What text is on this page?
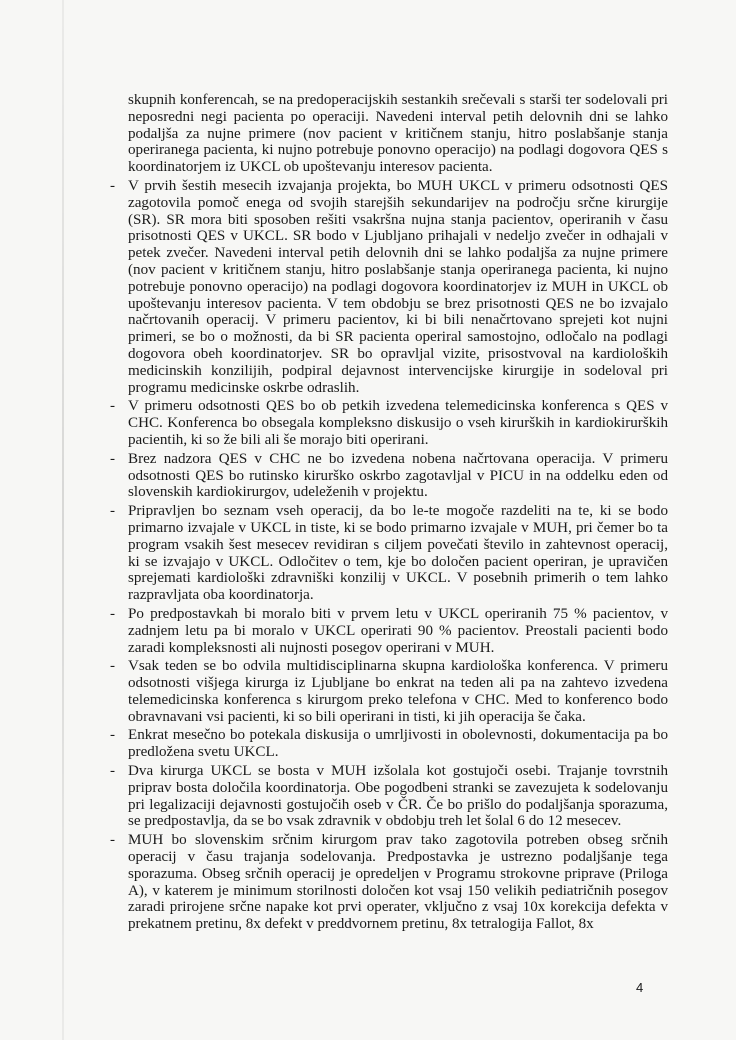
skupnih konferencah, se na predoperacijskih sestankih srečevali s starši ter sodelovali pri neposredni negi pacienta po operaciji. Navedeni interval petih delovnih dni se lahko podaljša za nujne primere (nov pacient v kritičnem stanju, hitro poslabšanje stanja operiranega pacienta, ki nujno potrebuje ponovno operacijo) na podlagi dogovora QES s koordinatorjem iz UKCL ob upoštevanju interesov pacienta.

- V prvih šestih mesecih izvajanja projekta, bo MUH UKCL v primeru odsotnosti QES zagotovila pomoč enega od svojih starejših sekundarijev na področju srčne kirurgije (SR). SR mora biti sposoben rešiti vsakršna nujna stanja pacientov, operiranih v času prisotnosti QES v UKCL. SR bodo v Ljubljano prihajali v nedeljo zvečer in odhajali v petek zvečer. Navedeni interval petih delovnih dni se lahko podaljša za nujne primere (nov pacient v kritičnem stanju, hitro poslabšanje stanja operiranega pacienta, ki nujno potrebuje ponovno operacijo) na podlagi dogovora koordinatorjev iz MUH in UKCL ob upoštevanju interesov pacienta. V tem obdobju se brez prisotnosti QES ne bo izvajalo načrtovanih operacij. V primeru pacientov, ki bi bili nenačrtovano sprejeti kot nujni primeri, se bo o možnosti, da bi SR pacienta operiral samostojno, odločalo na podlagi dogovora obeh koordinatorjev. SR bo opravljal vizite, prisostvoval na kardioloških medicinskih konzilijih, podpiral dejavnost intervencijske kirurgije in sodeloval pri programu medicinske oskrbe odraslih.
- V primeru odsotnosti QES bo ob petkih izvedena telemedicinska konferenca s QES v CHC. Konferenca bo obsegala kompleksno diskusijo o vseh kirurških in kardiokirurških pacientih, ki so že bili ali še morajo biti operirani.
- Brez nadzora QES v CHC ne bo izvedena nobena načrtovana operacija. V primeru odsotnosti QES bo rutinsko kirurško oskrbo zagotavljal v PICU in na oddelku eden od slovenskih kardiokirurgov, udeleženih v projektu.
- Pripravljen bo seznam vseh operacij, da bo le-te mogoče razdeliti na te, ki se bodo primarno izvajale v UKCL in tiste, ki se bodo primarno izvajale v MUH, pri čemer bo ta program vsakih šest mesecev revidiran s ciljem povečati število in zahtevnost operacij, ki se izvajajo v UKCL. Odločitev o tem, kje bo določen pacient operiran, je upravičen sprejemati kardiološki zdravniški konzilij v UKCL. V posebnih primerih o tem lahko razpravljata oba koordinatorja.
- Po predpostavkah bi moralo biti v prvem letu v UKCL operiranih 75 % pacientov, v zadnjem letu pa bi moralo v UKCL operirati 90 % pacientov. Preostali pacienti bodo zaradi kompleksnosti ali nujnosti posegov operirani v MUH.
- Vsak teden se bo odvila multidisciplinarna skupna kardiološka konferenca. V primeru odsotnosti višjega kirurga iz Ljubljane bo enkrat na teden ali pa na zahtevo izvedena telemedicinska konferenca s kirurgom preko telefona v CHC. Med to konferenco bodo obravnavani vsi pacienti, ki so bili operirani in tisti, ki jih operacija še čaka.
- Enkrat mesečno bo potekala diskusija o umrljivosti in obolevnosti, dokumentacija pa bo predložena svetu UKCL.
- Dva kirurga UKCL se bosta v MUH izšolala kot gostujoči osebi. Trajanje tovrstnih priprav bosta določila koordinatorja. Obe pogodbeni stranki se zavezujeta k sodelovanju pri legalizaciji dejavnosti gostujočih oseb v ČR. Če bo prišlo do podaljšanja sporazuma, se predpostavlja, da se bo vsak zdravnik v obdobju treh let šolal 6 do 12 mesecev.
- MUH bo slovenskim srčnim kirurgom prav tako zagotovila potreben obseg srčnih operacij v času trajanja sodelovanja. Predpostavka je ustrezno podaljšanje tega sporazuma. Obseg srčnih operacij je opredeljen v Programu strokovne priprave (Priloga A), v katerem je minimum storilnosti določen kot vsaj 150 velikih pediatričnih posegov zaradi prirojene srčne napake kot prvi operater, vključno z vsaj 10x korekcija defekta v prekatnem pretinu, 8x defekt v preddvornem pretinu, 8x tetralogija Fallot, 8x
4
